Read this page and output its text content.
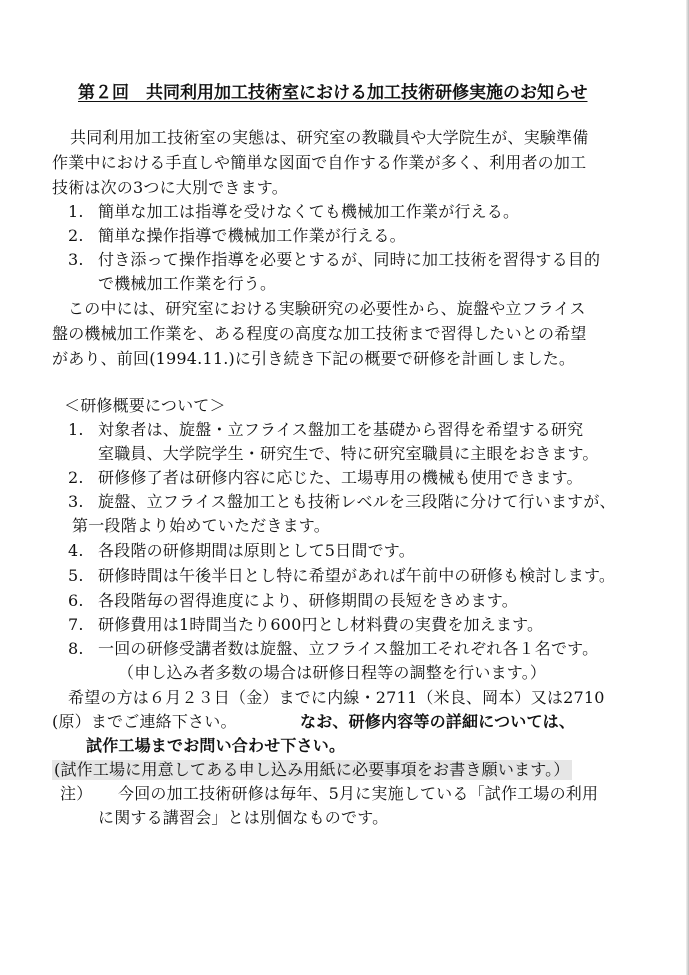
第２回　共同利用加工技術室における加工技術研修実施のお知らせ
共同利用加工技術室の実態は、研究室の教職員や大学院生が、実験準備
作業中における手直しや簡単な図面で自作する作業が多く、利用者の加工
技術は次の3つに大別できます。
1. 簡単な加工は指導を受けなくても機械加工作業が行える。
2. 簡単な操作指導で機械加工作業が行える。
3. 付き添って操作指導を必要とするが、同時に加工技術を習得する目的
で機械加工作業を行う。
この中には、研究室における実験研究の必要性から、旋盤や立フライス
盤の機械加工作業を、ある程度の高度な加工技術まで習得したいとの希望
があり、前回(1994.11.)に引き続き下記の概要で研修を計画しました。
＜研修概要について＞
1. 対象者は、旋盤・立フライス盤加工を基礎から習得を希望する研究
室職員、大学院学生・研究生で、特に研究室職員に主眼をおきます。
2. 研修修了者は研修内容に応じた、工場専用の機械も使用できます。
3. 旋盤、立フライス盤加工とも技術レベルを三段階に分けて行いますが、
第一段階より始めていただきます。
4. 各段階の研修期間は原則として5日間です。
5. 研修時間は午後半日とし特に希望があれば午前中の研修も検討します。
6. 各段階毎の習得進度により、研修期間の長短をきめます。
7. 研修費用は1時間当たり600円とし材料費の実費を加えます。
8. 一回の研修受講者数は旋盤、立フライス盤加工それぞれ各１名です。
（申し込み者多数の場合は研修日程等の調整を行います。）
希望の方は６月２３日（金）までに内線・2711（米良、岡本）又は2710
(原）までご連絡下さい。	なお、研修内容等の詳細については、
試作工場までお問い合わせ下さい。
(試作工場に用意してある申し込み用紙に必要事項をお書き願います。）
注） 今回の加工技術研修は毎年、5月に実施している「試作工場の利用
に関する講習会」とは別個なものです。
